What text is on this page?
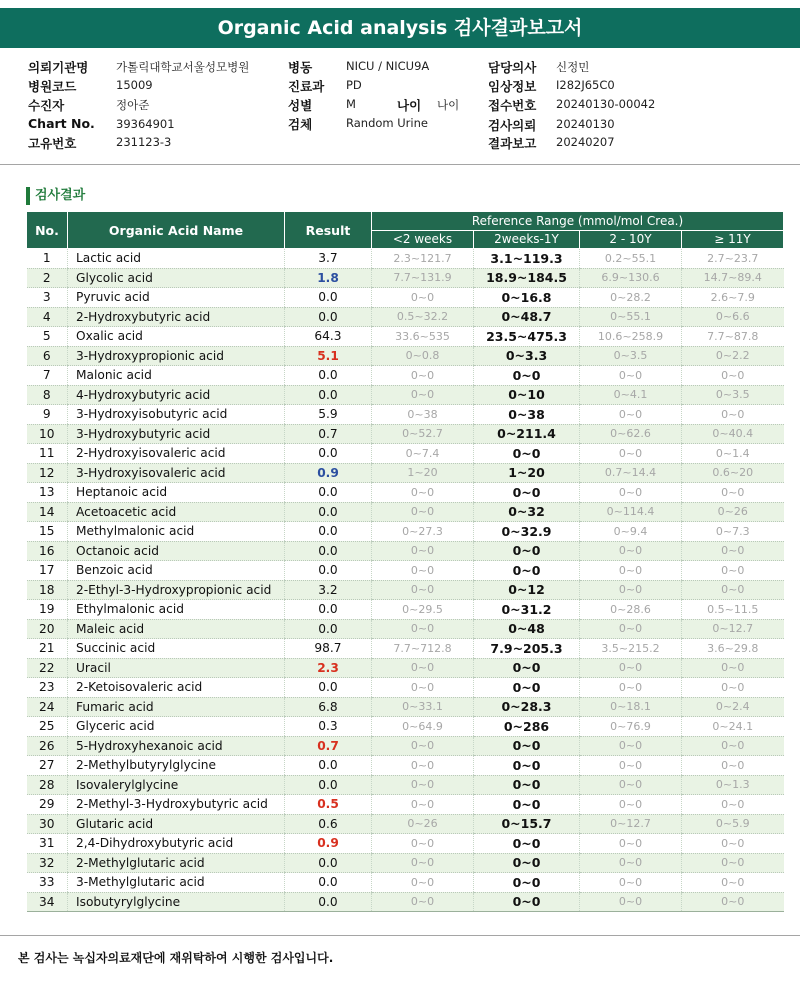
Organic Acid analysis 검사결과보고서
의뢰기관명 가톨릭대학교서울성모병원
병원코드	15009
수진자	정아준
Chart No. 39364901
고유번호	231123-3
병동	NICU / NICU9A
진료과 PD
성별	M	나이 나이
검체	Random Urine
담당의사 신정민
임상정보 I282J65C0
접수번호 20240130-00042
검사의뢰 20240130
결과보고 20240207
검사결과
No.	Organic Acid Name	Result	Reference Range (mmol/mol Crea.)			
			<2 weeks	2weeks-1Y	2 - 10Y	≥ 11Y
1	Lactic acid	3.7	2.3~121.7	3.1~119.3	0.2~55.1	2.7~23.7
2	Glycolic acid	1.8	7.7~131.9	18.9~184.5	6.9~130.6	14.7~89.4
3	Pyruvic acid	0.0	0~0	0~16.8	0~28.2	2.6~7.9
4	2-Hydroxybutyric acid	0.0	0.5~32.2	0~48.7	0~55.1	0~6.6
5	Oxalic acid	64.3	33.6~535	23.5~475.3	10.6~258.9	7.7~87.8
6	3-Hydroxypropionic acid	5.1	0~0.8	0~3.3	0~3.5	0~2.2
7	Malonic acid	0.0	0~0	0~0	0~0	0~0
8	4-Hydroxybutyric acid	0.0	0~0	0~10	0~4.1	0~3.5
9	3-Hydroxyisobutyric acid	5.9	0~38	0~38	0~0	0~0
10	3-Hydroxybutyric acid	0.7	0~52.7	0~211.4	0~62.6	0~40.4
11	2-Hydroxyisovaleric acid	0.0	0~7.4	0~0	0~0	0~1.4
12	3-Hydroxyisovaleric acid	0.9	1~20	1~20	0.7~14.4	0.6~20
13	Heptanoic acid	0.0	0~0	0~0	0~0	0~0
14	Acetoacetic acid	0.0	0~0	0~32	0~114.4	0~26
15	Methylmalonic acid	0.0	0~27.3	0~32.9	0~9.4	0~7.3
16	Octanoic acid	0.0	0~0	0~0	0~0	0~0
17	Benzoic acid	0.0	0~0	0~0	0~0	0~0
18	2-Ethyl-3-Hydroxypropionic acid	3.2	0~0	0~12	0~0	0~0
19	Ethylmalonic acid	0.0	0~29.5	0~31.2	0~28.6	0.5~11.5
20	Maleic acid	0.0	0~0	0~48	0~0	0~12.7
21	Succinic acid	98.7	7.7~712.8	7.9~205.3	3.5~215.2	3.6~29.8
22	Uracil	2.3	0~0	0~0	0~0	0~0
23	2-Ketoisovaleric acid	0.0	0~0	0~0	0~0	0~0
24	Fumaric acid	6.8	0~33.1	0~28.3	0~18.1	0~2.4
25	Glyceric acid	0.3	0~64.9	0~286	0~76.9	0~24.1
26	5-Hydroxyhexanoic acid	0.7	0~0	0~0	0~0	0~0
27	2-Methylbutyrylglycine	0.0	0~0	0~0	0~0	0~0
28	Isovalerylglycine	0.0	0~0	0~0	0~0	0~1.3
29	2-Methyl-3-Hydroxybutyric acid	0.5	0~0	0~0	0~0	0~0
30	Glutaric acid	0.6	0~26	0~15.7	0~12.7	0~5.9
31	2,4-Dihydroxybutyric acid	0.9	0~0	0~0	0~0	0~0
32	2-Methylglutaric acid	0.0	0~0	0~0	0~0	0~0
33	3-Methylglutaric acid	0.0	0~0	0~0	0~0	0~0
34	Isobutyrylglycine	0.0	0~0	0~0	0~0	0~0
본 검사는 녹십자의료재단에 재위탁하여 시행한 검사입니다.
